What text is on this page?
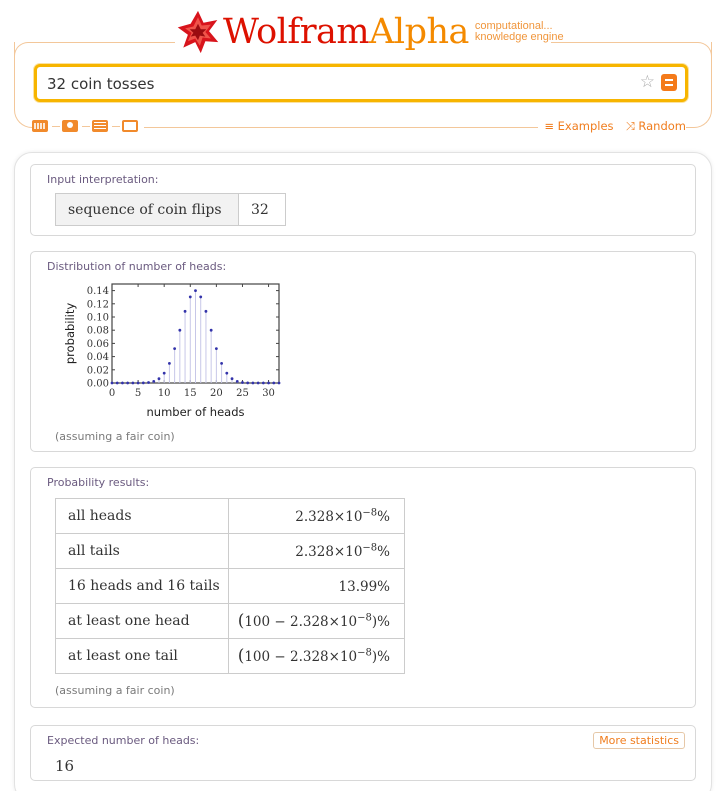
WolframAlpha computational...
knowledge engine
32 coin tosses
☆
≡ Examples ⤨ Random
Input interpretation:
sequence of coin flips	32
Distribution of number of heads:
0.00
0.02
0.04
0.06
0.08
0.10
0.12
0.14
0 5 10 15 20 25 30
number of heads
probability
(assuming a fair coin)
Probability results:
all heads	$2.328\times 10^{-8}\%$
all tails	$2.328\times 10^{-8}\%$
16 heads and 16 tails	13.99%
at least one head	$(100 - 2.328\times 10^{-8})\%$
at least one tail	$(100 - 2.328\times 10^{-8})\%$
(assuming a fair coin)
Expected number of heads:	More statistics
16
